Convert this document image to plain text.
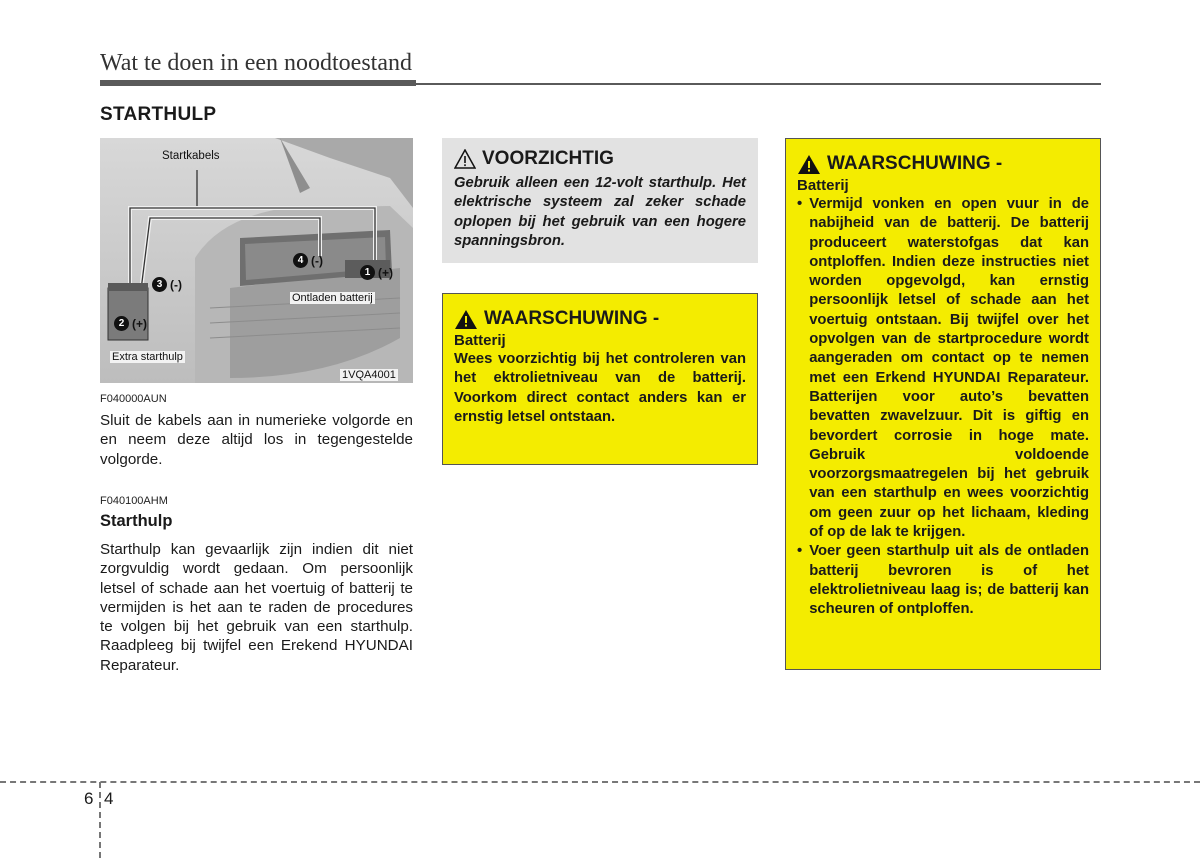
Wat te doen in een noodtoestand
STARTHULP
Startkabels
Ontladen batterij
Extra starthulp
1VQA4001
1 (+)
2 (+)
3 (-)
4 (-)
F040000AUN
Sluit de kabels aan in numerieke volgorde en en neem deze altijd los in tegengestelde volgorde.
F040100AHM
Starthulp
Starthulp kan gevaarlijk zijn indien dit niet zorgvuldig wordt gedaan. Om persoonlijk letsel of schade aan het voertuig of batterij te vermijden is het aan te raden de procedures te volgen bij het gebruik van een starthulp. Raadpleeg bij twijfel een Erekend HYUNDAI Reparateur.
VOORZICHTIG
Gebruik alleen een 12-volt starthulp. Het elektrische systeem zal zeker schade oplopen bij het gebruik van een hogere spanningsbron.
WAARSCHUWING -
Batterij
Wees voorzichtig bij het controleren van het ektrolietniveau van de batterij. Voorkom direct contact anders kan er ernstig letsel ontstaan.
WAARSCHUWING -
Batterij
• Vermijd vonken en open vuur in de nabijheid van de batterij. De batterij produceert waterstofgas dat kan ontploffen. Indien deze instructies niet worden opgevolgd, kan ernstig persoonlijk letsel of schade aan het voertuig ontstaan. Bij twijfel over het opvolgen van de startprocedure wordt aangeraden om contact op te nemen met een Erkend HYUNDAI Reparateur. Batterijen voor auto’s bevatten bevatten zwavelzuur. Dit is giftig en bevordert corrosie in hoge mate. Gebruik voldoende voorzorgsmaatregelen bij het gebruik van een starthulp en wees voorzichtig om geen zuur op het lichaam, kleding of op de lak te krijgen.
• Voer geen starthulp uit als de ontladen batterij bevroren is of het elektrolietniveau laag is; de batterij kan scheuren of ontploffen.
6 4
